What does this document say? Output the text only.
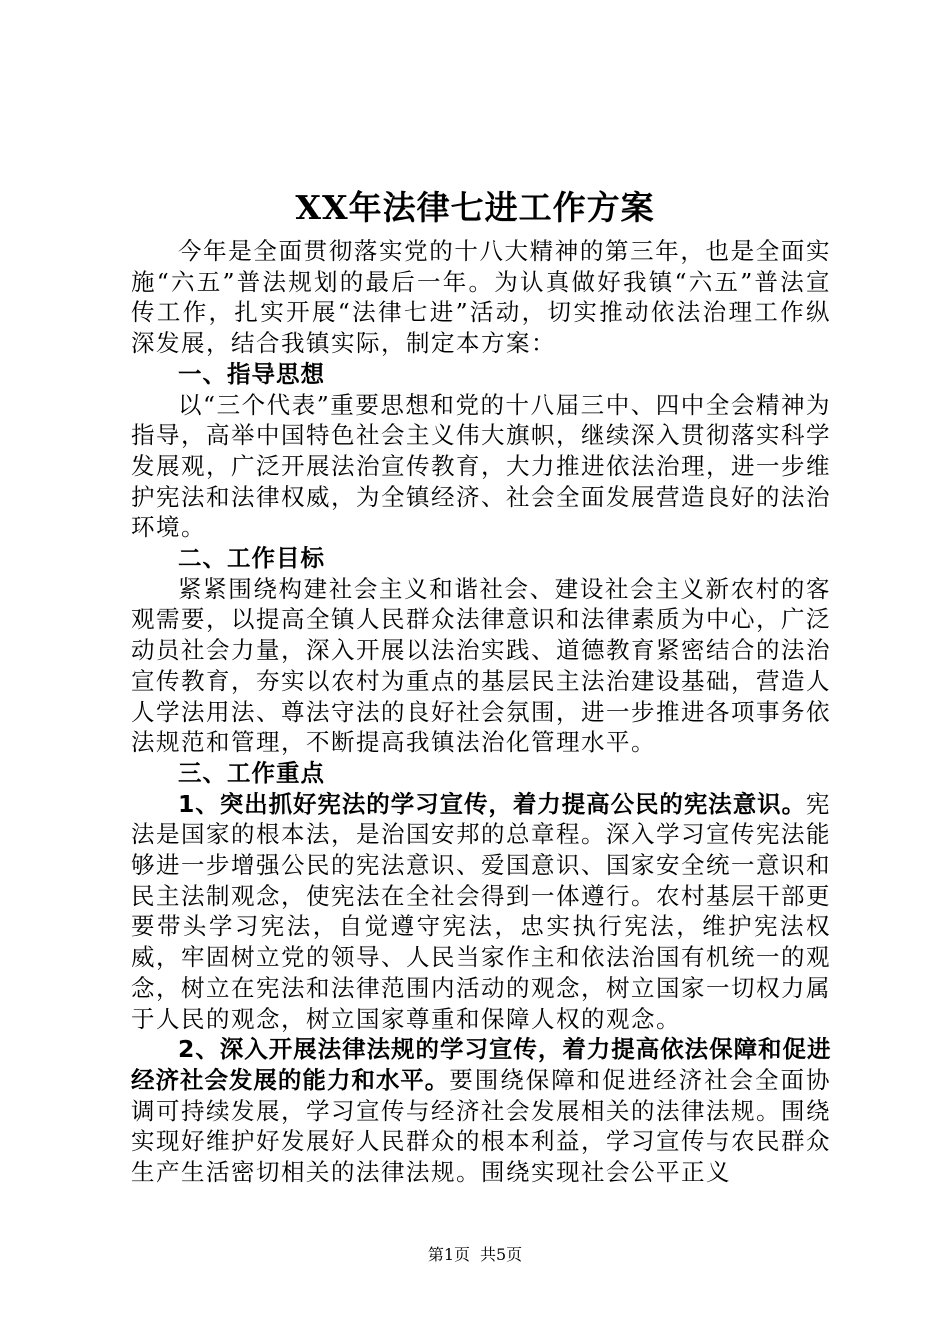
XX年法律七进工作方案

今年是全面贯彻落实党的十八大精神的第三年，也是全面实施“六五”普法规划的最后一年。为认真做好我镇“六五”普法宣传工作，扎实开展“法律七进”活动，切实推动依法治理工作纵深发展，结合我镇实际，制定本方案：

一、指导思想

以“三个代表”重要思想和党的十八届三中、四中全会精神为指导，高举中国特色社会主义伟大旗帜，继续深入贯彻落实科学发展观，广泛开展法治宣传教育，大力推进依法治理，进一步维护宪法和法律权威，为全镇经济、社会全面发展营造良好的法治环境。

二、工作目标

紧紧围绕构建社会主义和谐社会、建设社会主义新农村的客观需要，以提高全镇人民群众法律意识和法律素质为中心，广泛动员社会力量，深入开展以法治实践、道德教育紧密结合的法治宣传教育，夯实以农村为重点的基层民主法治建设基础，营造人人学法用法、尊法守法的良好社会氛围，进一步推进各项事务依法规范和管理，不断提高我镇法治化管理水平。

三、工作重点

1、突出抓好宪法的学习宣传，着力提高公民的宪法意识。宪法是国家的根本法，是治国安邦的总章程。深入学习宣传宪法能够进一步增强公民的宪法意识、爱国意识、国家安全统一意识和民主法制观念，使宪法在全社会得到一体遵行。农村基层干部更要带头学习宪法，自觉遵守宪法，忠实执行宪法，维护宪法权威，牢固树立党的领导、人民当家作主和依法治国有机统一的观念，树立在宪法和法律范围内活动的观念，树立国家一切权力属于人民的观念，树立国家尊重和保障人权的观念。

2、深入开展法律法规的学习宣传，着力提高依法保障和促进经济社会发展的能力和水平。要围绕保障和促进经济社会全面协调可持续发展，学习宣传与经济社会发展相关的法律法规。围绕实现好维护好发展好人民群众的根本利益，学习宣传与农民群众生产生活密切相关的法律法规。围绕实现社会公平正义

第1页 共5页
